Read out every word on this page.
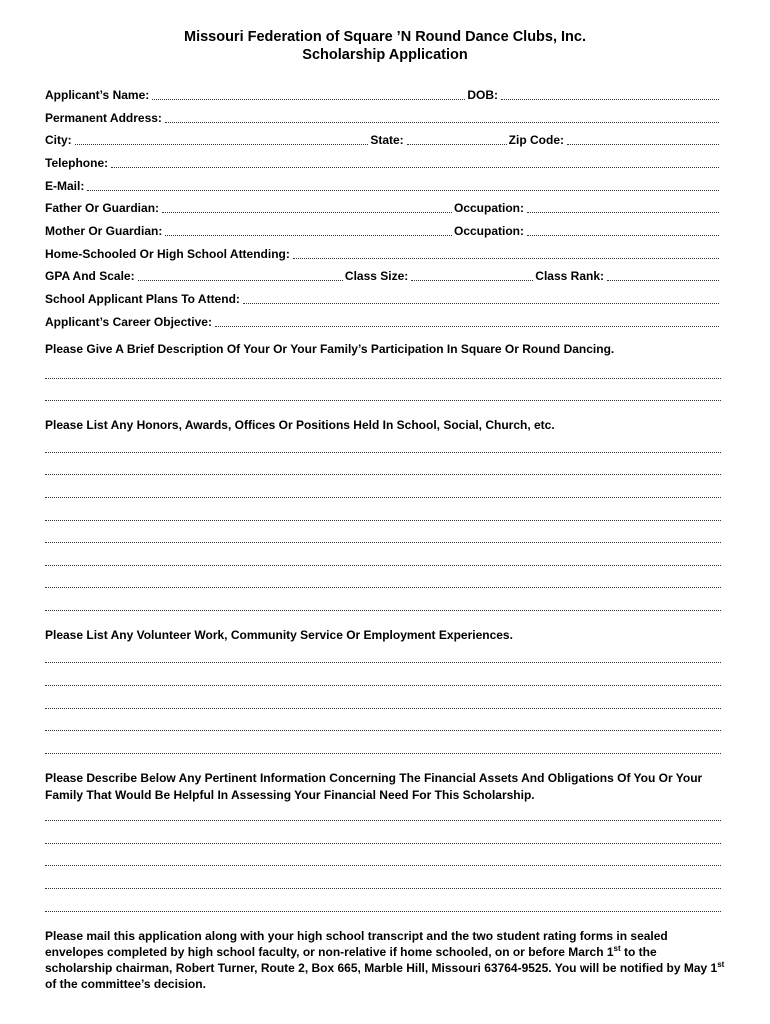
Missouri Federation of Square ’N Round Dance Clubs, Inc.
Scholarship Application
Applicant’s Name:	DOB:
Permanent Address:
City:	State:	Zip Code:
Telephone:
E-Mail:
Father Or Guardian:	Occupation:
Mother Or Guardian:	Occupation:
Home-Schooled Or High School Attending:
GPA And Scale:	Class Size:	Class Rank:
School Applicant Plans To Attend:
Applicant’s Career Objective:
Please Give A Brief Description Of Your Or Your Family’s Participation In Square Or Round Dancing.
Please List Any Honors, Awards, Offices Or Positions Held In School, Social, Church, etc.
Please List Any Volunteer Work, Community Service Or Employment Experiences.
Please Describe Below Any Pertinent Information Concerning The Financial Assets And Obligations Of You Or Your Family That Would Be Helpful In Assessing Your Financial Need For This Scholarship.
Please mail this application along with your high school transcript and the two student rating forms in sealed envelopes completed by high school faculty, or non-relative if home schooled, on or before March 1st to the scholarship chairman, Robert Turner, Route 2, Box 665, Marble Hill, Missouri 63764-9525. You will be notified by May 1st of the committee’s decision.
